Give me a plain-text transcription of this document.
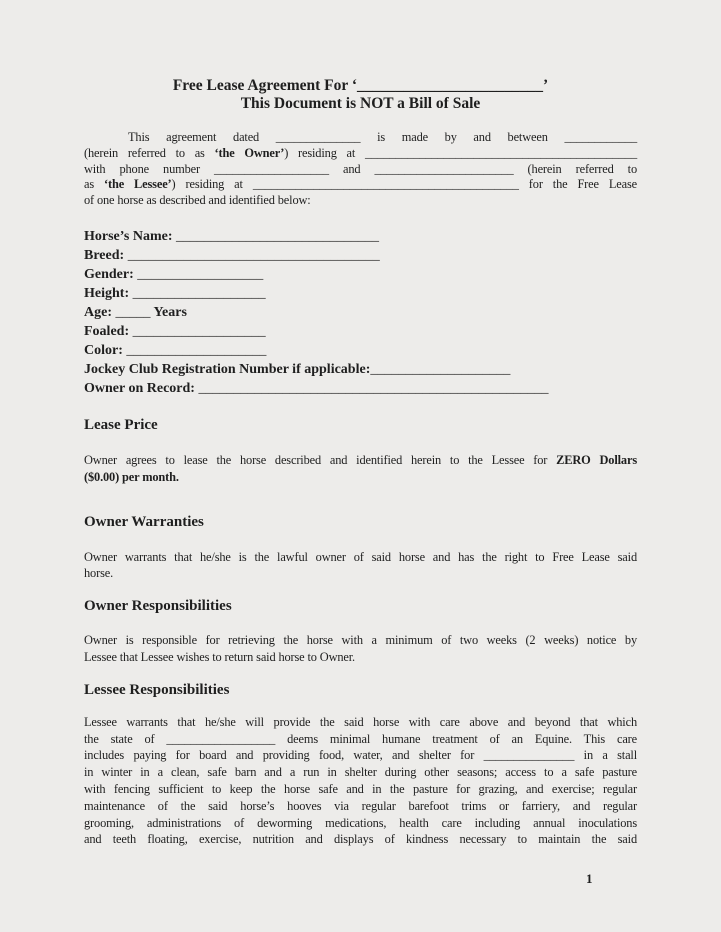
Free Lease Agreement For ‘________________________’
This Document is NOT a Bill of Sale
This agreement dated ______________ is made by and between ____________
(herein referred to as ‘the Owner’) residing at _____________________________________________
with phone number ___________________ and _______________________ (herein referred to
as ‘the Lessee’) residing at ____________________________________________ for the Free Lease
of one horse as described and identified below:
Horse’s Name: _____________________________
Breed: ____________________________________
Gender: __________________
Height: ___________________
Age: _____ Years
Foaled: ___________________
Color: ____________________
Jockey Club Registration Number if applicable:____________________
Owner on Record: __________________________________________________
Lease Price
Owner agrees to lease the horse described and identified herein to the Lessee for ZERO Dollars
($0.00) per month.
Owner Warranties
Owner warrants that he/she is the lawful owner of said horse and has the right to Free Lease said
horse.
Owner Responsibilities
Owner is responsible for retrieving the horse with a minimum of two weeks (2 weeks) notice by
Lessee that Lessee wishes to return said horse to Owner.
Lessee Responsibilities
Lessee warrants that he/she will provide the said horse with care above and beyond that which
the state of __________________ deems minimal humane treatment of an Equine. This care
includes paying for board and providing food, water, and shelter for _______________ in a stall
in winter in a clean, safe barn and a run in shelter during other seasons; access to a safe pasture
with fencing sufficient to keep the horse safe and in the pasture for grazing, and exercise; regular
maintenance of the said horse’s hooves via regular barefoot trims or farriery, and regular
grooming, administrations of deworming medications, health care including annual inoculations
and teeth floating, exercise, nutrition and displays of kindness necessary to maintain the said
1
